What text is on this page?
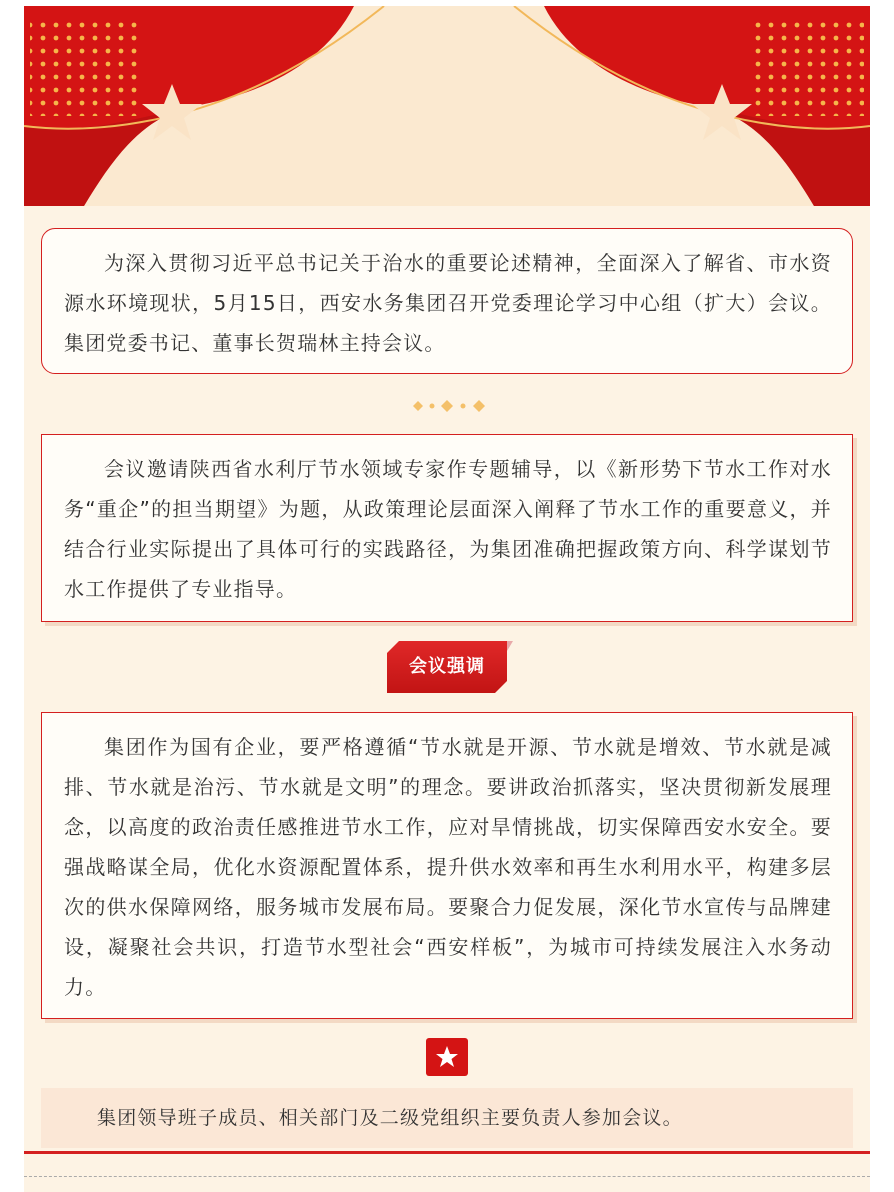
为深入贯彻习近平总书记关于治水的重要论述精神，全面深入了解省、市水资源水环境现状，5月15日，西安水务集团召开党委理论学习中心组（扩大）会议。集团党委书记、董事长贺瑞林主持会议。

会议邀请陕西省水利厅节水领域专家作专题辅导，以《新形势下节水工作对水务“重企”的担当期望》为题，从政策理论层面深入阐释了节水工作的重要意义，并结合行业实际提出了具体可行的实践路径，为集团准确把握政策方向、科学谋划节水工作提供了专业指导。

会议强调

集团作为国有企业，要严格遵循“节水就是开源、节水就是增效、节水就是减排、节水就是治污、节水就是文明”的理念。要讲政治抓落实，坚决贯彻新发展理念，以高度的政治责任感推进节水工作，应对旱情挑战，切实保障西安水安全。要强战略谋全局，优化水资源配置体系，提升供水效率和再生水利用水平，构建多层次的供水保障网络，服务城市发展布局。要聚合力促发展，深化节水宣传与品牌建设，凝聚社会共识，打造节水型社会“西安样板”，为城市可持续发展注入水务动力。

集团领导班子成员、相关部门及二级党组织主要负责人参加会议。
